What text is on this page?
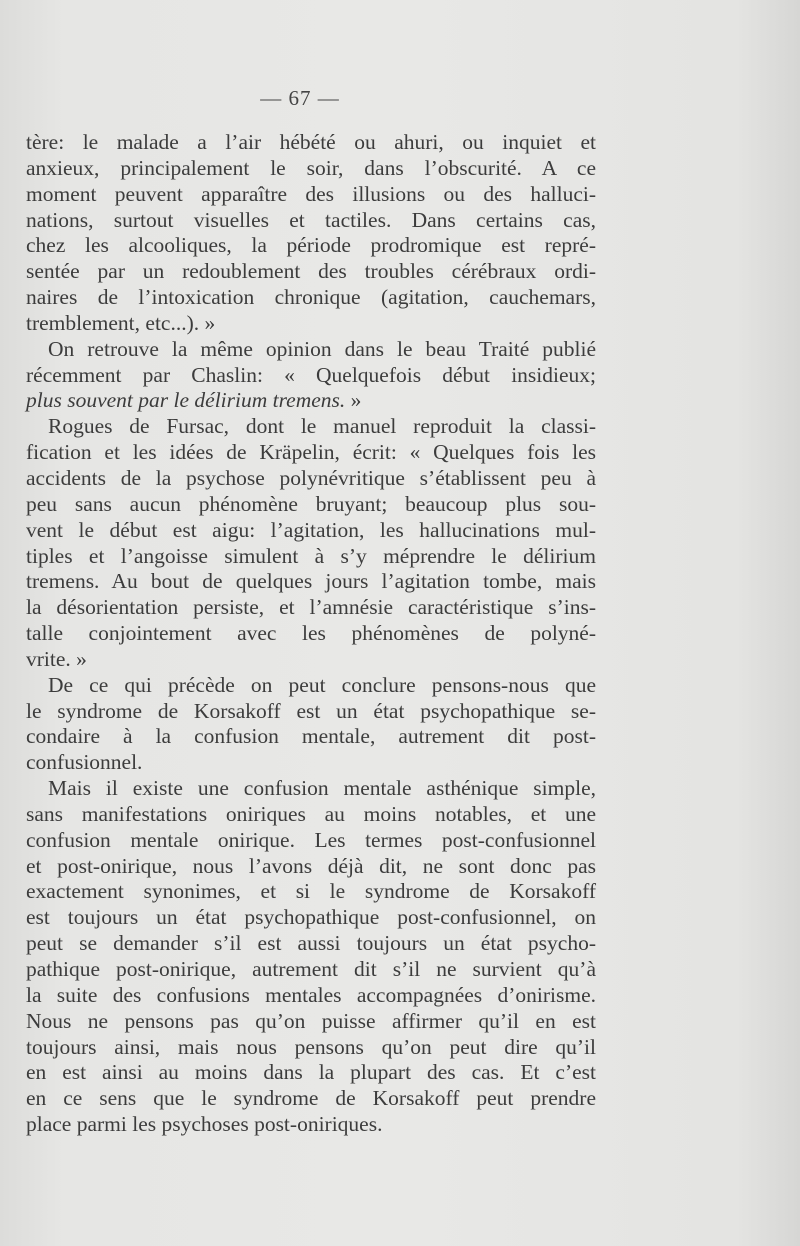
— 67 —
tère: le malade a l’air hébété ou ahuri, ou inquiet et
anxieux, principalement le soir, dans l’obscurité. A ce
moment peuvent apparaître des illusions ou des halluci-
nations, surtout visuelles et tactiles. Dans certains cas,
chez les alcooliques, la période prodromique est repré-
sentée par un redoublement des troubles cérébraux ordi-
naires de l’intoxication chronique (agitation, cauchemars,
tremblement, etc...). »
On retrouve la même opinion dans le beau Traité publié
récemment par Chaslin: « Quelquefois début insidieux;
plus souvent par le délirium tremens. »
Rogues de Fursac, dont le manuel reproduit la classi-
fication et les idées de Kräpelin, écrit: « Quelques fois les
accidents de la psychose polynévritique s’établissent peu à
peu sans aucun phénomène bruyant; beaucoup plus sou-
vent le début est aigu: l’agitation, les hallucinations mul-
tiples et l’angoisse simulent à s’y méprendre le délirium
tremens. Au bout de quelques jours l’agitation tombe, mais
la désorientation persiste, et l’amnésie caractéristique s’ins-
talle conjointement avec les phénomènes de polyné-
vrite. »
De ce qui précède on peut conclure pensons-nous que
le syndrome de Korsakoff est un état psychopathique se-
condaire à la confusion mentale, autrement dit post-
confusionnel.
Mais il existe une confusion mentale asthénique simple,
sans manifestations oniriques au moins notables, et une
confusion mentale onirique. Les termes post-confusionnel
et post-onirique, nous l’avons déjà dit, ne sont donc pas
exactement synonimes, et si le syndrome de Korsakoff
est toujours un état psychopathique post-confusionnel, on
peut se demander s’il est aussi toujours un état psycho-
pathique post-onirique, autrement dit s’il ne survient qu’à
la suite des confusions mentales accompagnées d’onirisme.
Nous ne pensons pas qu’on puisse affirmer qu’il en est
toujours ainsi, mais nous pensons qu’on peut dire qu’il
en est ainsi au moins dans la plupart des cas. Et c’est
en ce sens que le syndrome de Korsakoff peut prendre
place parmi les psychoses post-oniriques.
